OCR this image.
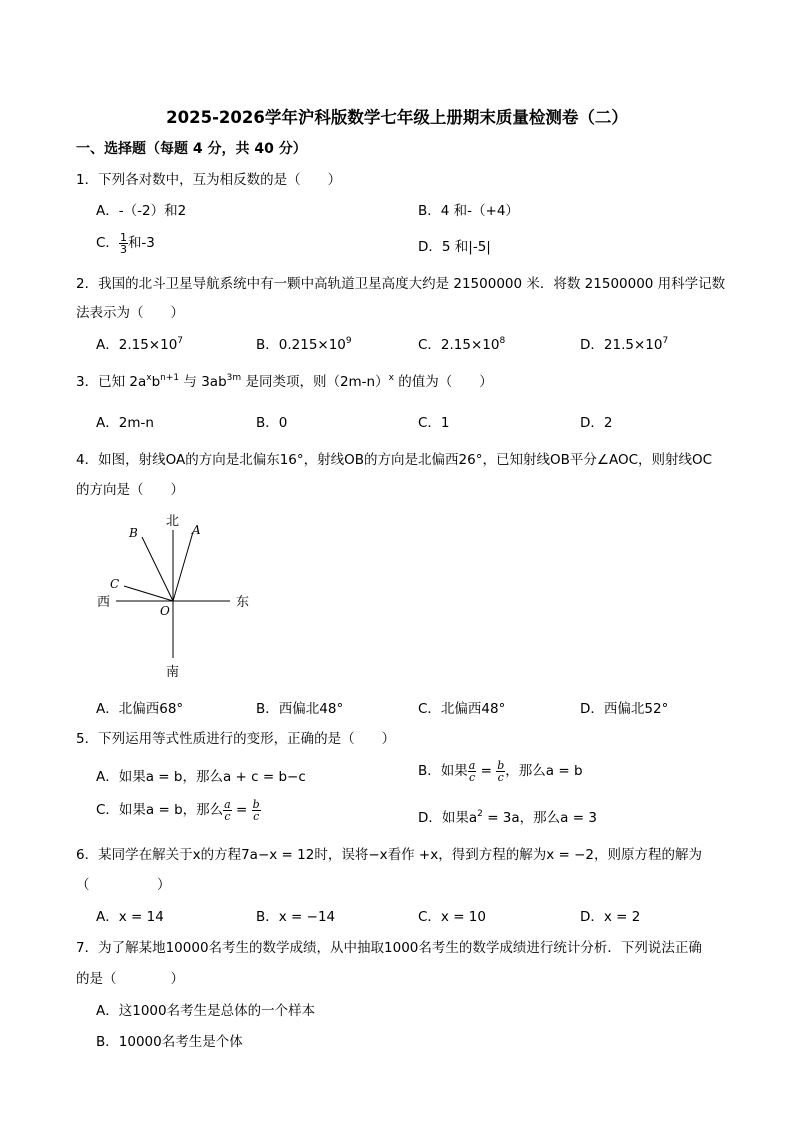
2025-2026学年沪科版数学七年级上册期末质量检测卷（二）
一、选择题（每题 4 分，共 40 分）
1．下列各对数中，互为相反数的是（　　）
A．-（-2）和2	B．4 和-（+4）
C． $\frac{1}{3}$ 和-3	D．5 和|-5|
2．我国的北斗卫星导航系统中有一颗中高轨道卫星高度大约是 21500000 米．将数 21500000 用科学记数
法表示为（　　）
A．$2.15\times 10^7$	B．$0.215\times 10^9$	C．$2.15\times 10^8$	D．$21.5\times 10^7$
3．已知 $2a^xb^{n+1}$ 与 $3ab^{3m}$ 是同类项，则$(2m-n)^x$ 的值为（　　）
A．2m-n	B．0	C．1	D．2
4．如图，射线OA的方向是北偏东16°，射线OB的方向是北偏西26°，已知射线OB平分∠AOC，则射线OC
的方向是（　　）
北
南
东
西
A
B
C
O
A．北偏西68°	B．西偏北48°	C．北偏西48°	D．西偏北52°
5．下列运用等式性质进行的变形，正确的是（　　）
A．如果a = b，那么a + c = b−c	B．如果 $\frac{a}{c} = \frac{b}{c}$ ，那么a = b
C．如果a = b，那么 $\frac{a}{c} = \frac{b}{c}$	D．如果$a^2 = 3a$，那么a = 3
6．某同学在解关于x的方程7a−x = 12时，误将−x看作 +x，得到方程的解为x = −2，则原方程的解为
（　　　　　）
A．x = 14	B．x = −14	C．x = 10	D．x = 2
7．为了解某地10000名考生的数学成绩，从中抽取1000名考生的数学成绩进行统计分析．下列说法正确
的是（　　　　）
A．这1000名考生是总体的一个样本
B．10000名考生是个体
